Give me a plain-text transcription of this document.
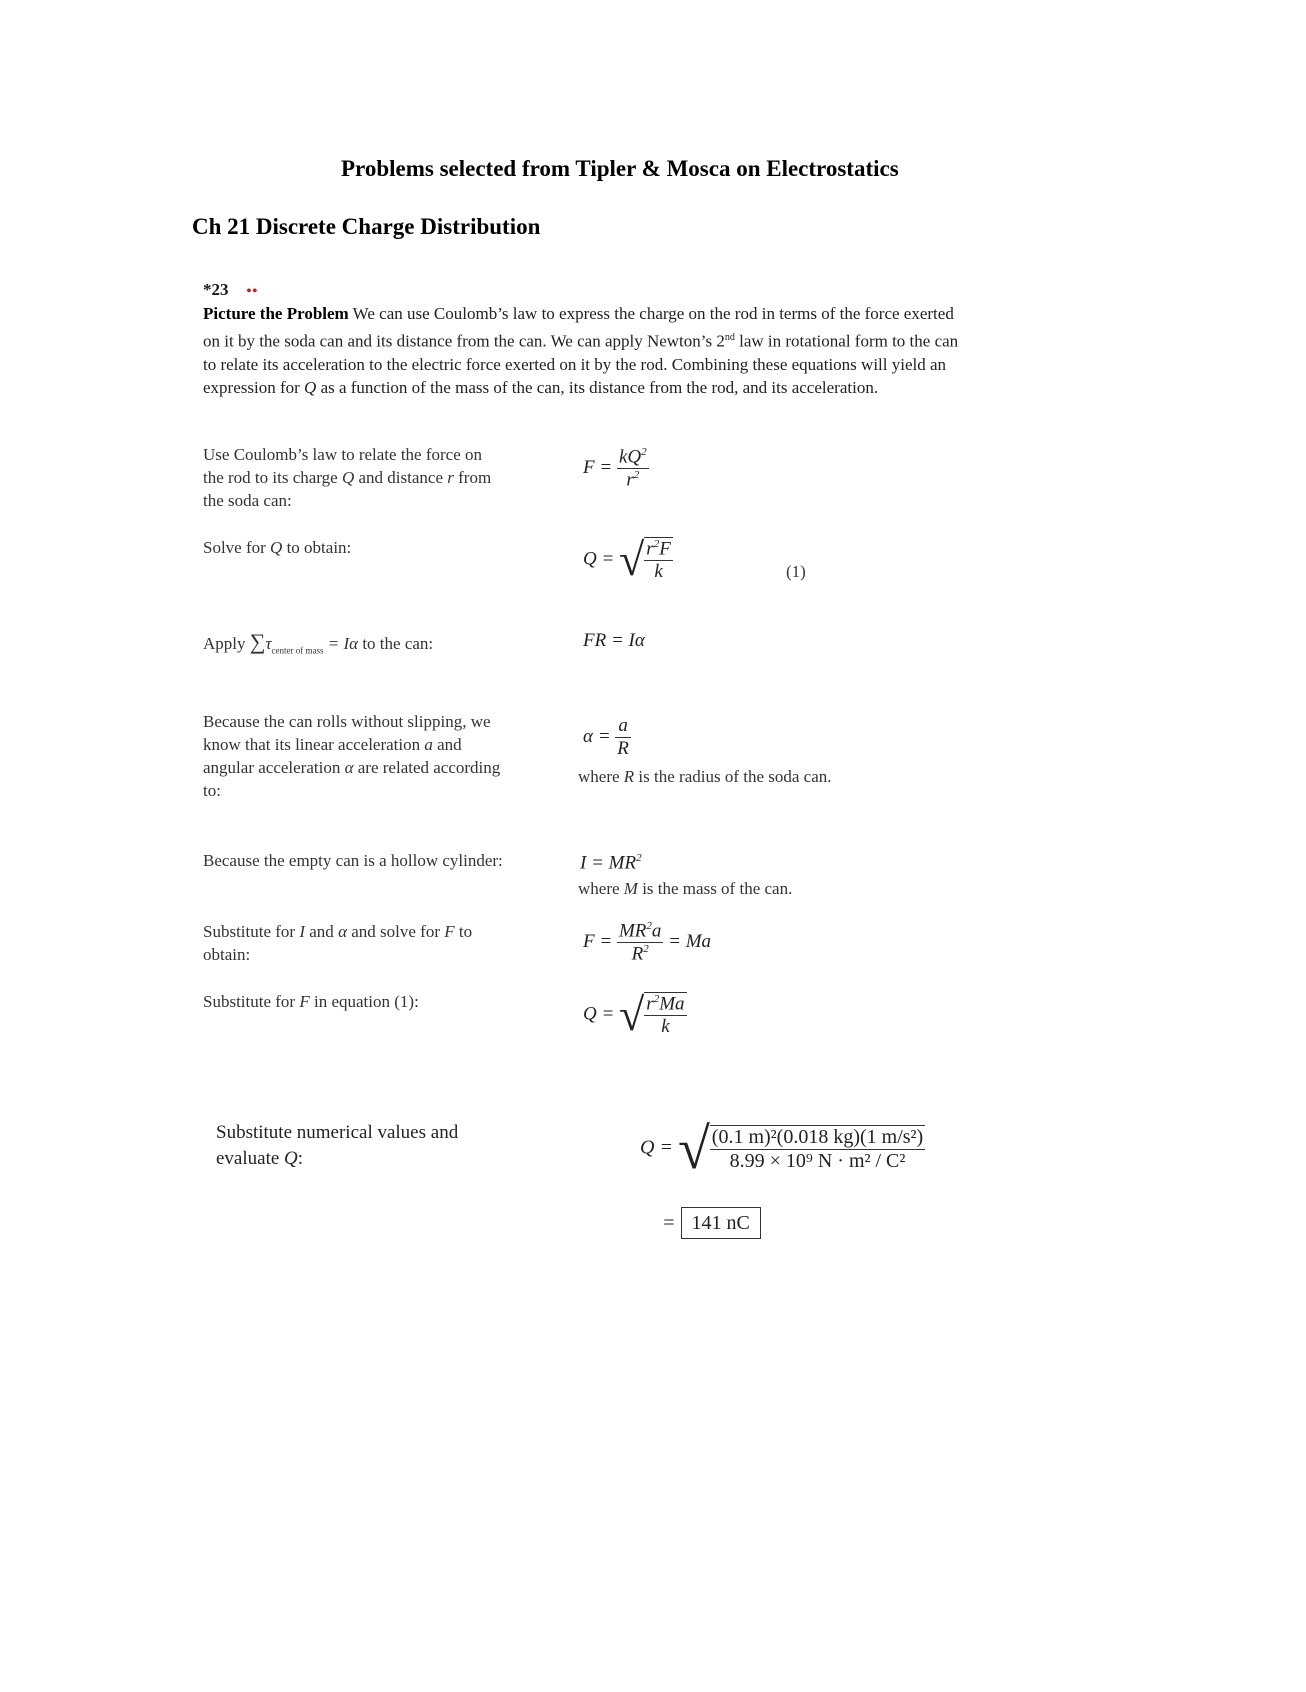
Problems selected from Tipler & Mosca on Electrostatics
Ch 21 Discrete Charge Distribution
*23 ••
Picture the Problem We can use Coulomb’s law to express the charge on the rod in terms of the force exerted on it by the soda can and its distance from the can. We can apply Newton’s 2nd law in rotational form to the can to relate its acceleration to the electric force exerted on it by the rod. Combining these equations will yield an expression for Q as a function of the mass of the can, its distance from the rod, and its acceleration.
Use Coulomb’s law to relate the force on the rod to its charge Q and distance r from the soda can:
$F = \frac{kQ^2}{r^2}$
Solve for Q to obtain:
Q = √ $\frac{r^2F}{k}$	(1)
Apply $\sum\tau_{center of mass} = I\alpha$ to the can:	FR = Iα
Because the can rolls without slipping, we know that its linear acceleration a and angular acceleration α are related according to:
$\alpha = \frac{a}{R}$
where R is the radius of the soda can.
Because the empty can is a hollow cylinder:	$I = MR^2$
where M is the mass of the can.
Substitute for I and α and solve for F to obtain:
$F = \frac{MR^2a}{R^2} = Ma$
Substitute for F in equation (1):
Q = √ $\frac{r^2Ma}{k}$
Substitute numerical values and evaluate Q:	Q = √ $\frac{\text{(0.1 m)²(0.018 kg)(1 m/s²)}}{\text{8.99 × 10⁹ N · m² / C²}}$
= 141 nC
